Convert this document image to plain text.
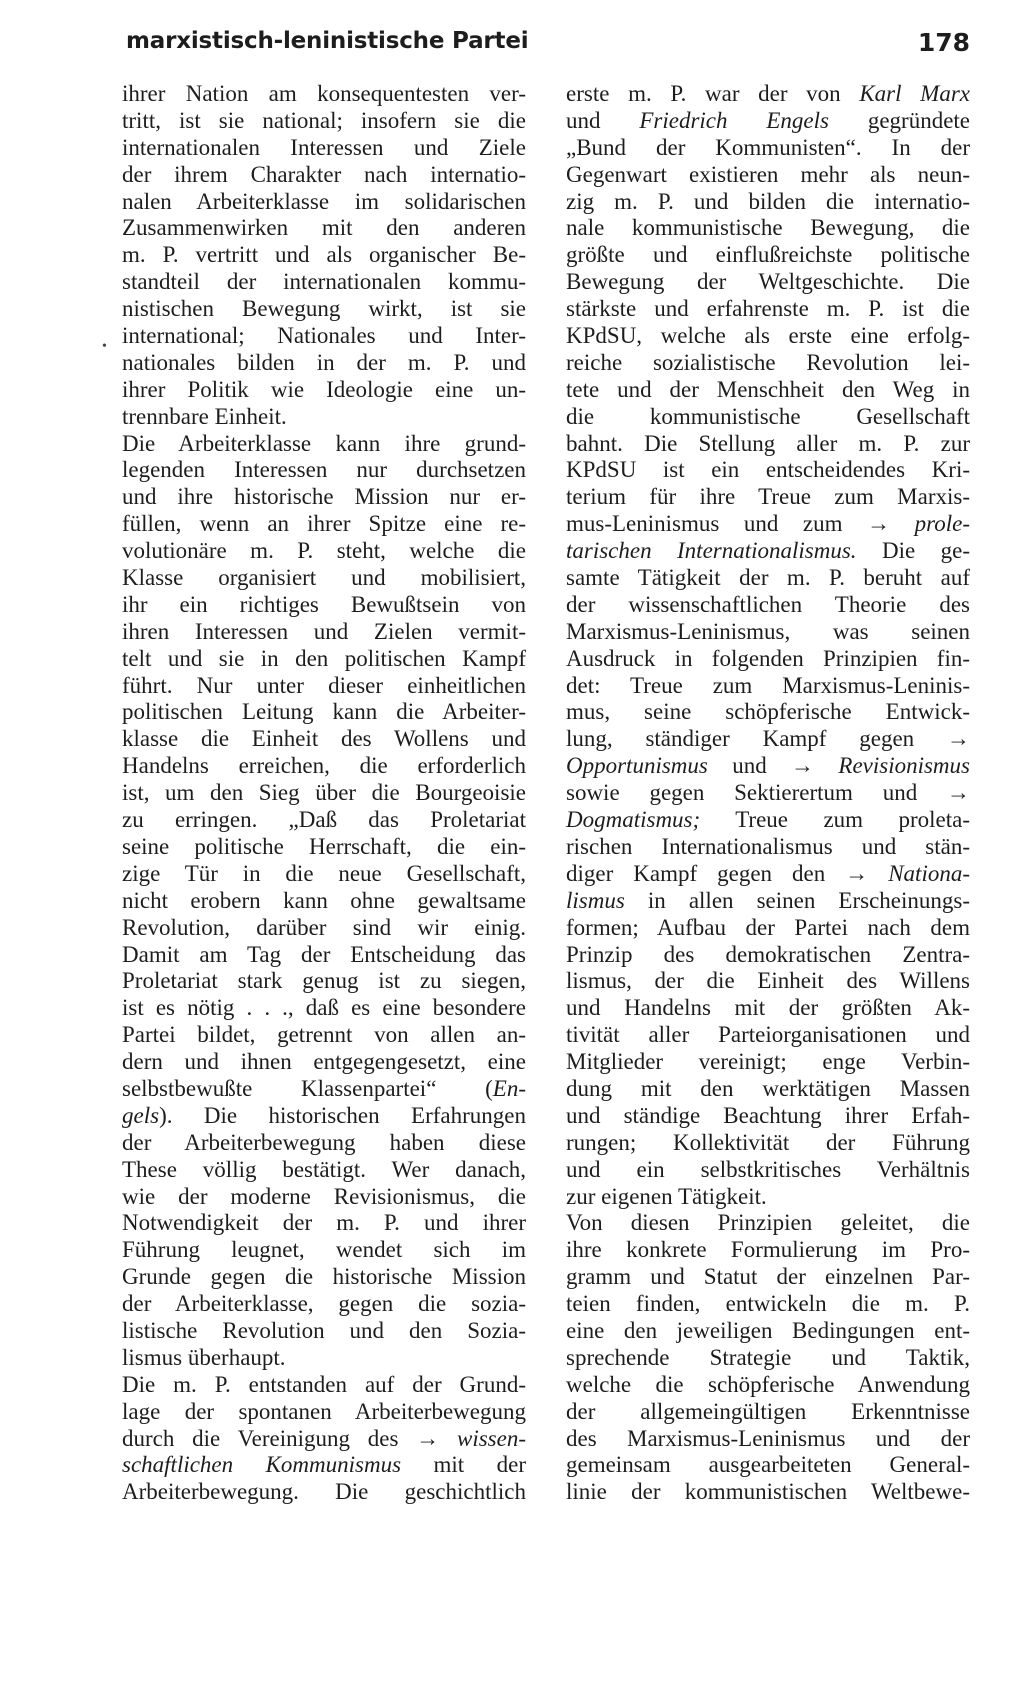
marxistisch-leninistische Partei	178
•
ihrer Nation am konsequentesten ver-
tritt, ist sie national; insofern sie die
internationalen Interessen und Ziele
der ihrem Charakter nach internatio-
nalen Arbeiterklasse im solidarischen
Zusammenwirken mit den anderen
m. P. vertritt und als organischer Be-
standteil der internationalen kommu-
nistischen Bewegung wirkt, ist sie
international; Nationales und Inter-
nationales bilden in der m. P. und
ihrer Politik wie Ideologie eine un-
trennbare Einheit.
Die Arbeiterklasse kann ihre grund-
legenden Interessen nur durchsetzen
und ihre historische Mission nur er-
füllen, wenn an ihrer Spitze eine re-
volutionäre m. P. steht, welche die
Klasse organisiert und mobilisiert,
ihr ein richtiges Bewußtsein von
ihren Interessen und Zielen vermit-
telt und sie in den politischen Kampf
führt. Nur unter dieser einheitlichen
politischen Leitung kann die Arbeiter-
klasse die Einheit des Wollens und
Handelns erreichen, die erforderlich
ist, um den Sieg über die Bourgeoisie
zu erringen. „Daß das Proletariat
seine politische Herrschaft, die ein-
zige Tür in die neue Gesellschaft,
nicht erobern kann ohne gewaltsame
Revolution, darüber sind wir einig.
Damit am Tag der Entscheidung das
Proletariat stark genug ist zu siegen,
ist es nötig . . ., daß es eine besondere
Partei bildet, getrennt von allen an-
dern und ihnen entgegengesetzt, eine
selbstbewußte Klassenpartei“ (En-
gels). Die historischen Erfahrungen
der Arbeiterbewegung haben diese
These völlig bestätigt. Wer danach,
wie der moderne Revisionismus, die
Notwendigkeit der m. P. und ihrer
Führung leugnet, wendet sich im
Grunde gegen die historische Mission
der Arbeiterklasse, gegen die sozia-
listische Revolution und den Sozia-
lismus überhaupt.
Die m. P. entstanden auf der Grund-
lage der spontanen Arbeiterbewegung
durch die Vereinigung des → wissen-
schaftlichen Kommunismus mit der
Arbeiterbewegung. Die geschichtlich
erste m. P. war der von Karl Marx
und Friedrich Engels gegründete
„Bund der Kommunisten“. In der
Gegenwart existieren mehr als neun-
zig m. P. und bilden die internatio-
nale kommunistische Bewegung, die
größte und einflußreichste politische
Bewegung der Weltgeschichte. Die
stärkste und erfahrenste m. P. ist die
KPdSU, welche als erste eine erfolg-
reiche sozialistische Revolution lei-
tete und der Menschheit den Weg in
die kommunistische Gesellschaft
bahnt. Die Stellung aller m. P. zur
KPdSU ist ein entscheidendes Kri-
terium für ihre Treue zum Marxis-
mus-Leninismus und zum → prole-
tarischen Internationalismus. Die ge-
samte Tätigkeit der m. P. beruht auf
der wissenschaftlichen Theorie des
Marxismus-Leninismus, was seinen
Ausdruck in folgenden Prinzipien fin-
det: Treue zum Marxismus-Leninis-
mus, seine schöpferische Entwick-
lung, ständiger Kampf gegen →
Opportunismus und → Revisionismus
sowie gegen Sektierertum und →
Dogmatismus; Treue zum proleta-
rischen Internationalismus und stän-
diger Kampf gegen den → Nationa-
lismus in allen seinen Erscheinungs-
formen; Aufbau der Partei nach dem
Prinzip des demokratischen Zentra-
lismus, der die Einheit des Willens
und Handelns mit der größten Ak-
tivität aller Parteiorganisationen und
Mitglieder vereinigt; enge Verbin-
dung mit den werktätigen Massen
und ständige Beachtung ihrer Erfah-
rungen; Kollektivität der Führung
und ein selbstkritisches Verhältnis
zur eigenen Tätigkeit.
Von diesen Prinzipien geleitet, die
ihre konkrete Formulierung im Pro-
gramm und Statut der einzelnen Par-
teien finden, entwickeln die m. P.
eine den jeweiligen Bedingungen ent-
sprechende Strategie und Taktik,
welche die schöpferische Anwendung
der allgemeingültigen Erkenntnisse
des Marxismus-Leninismus und der
gemeinsam ausgearbeiteten General-
linie der kommunistischen Weltbewe-
